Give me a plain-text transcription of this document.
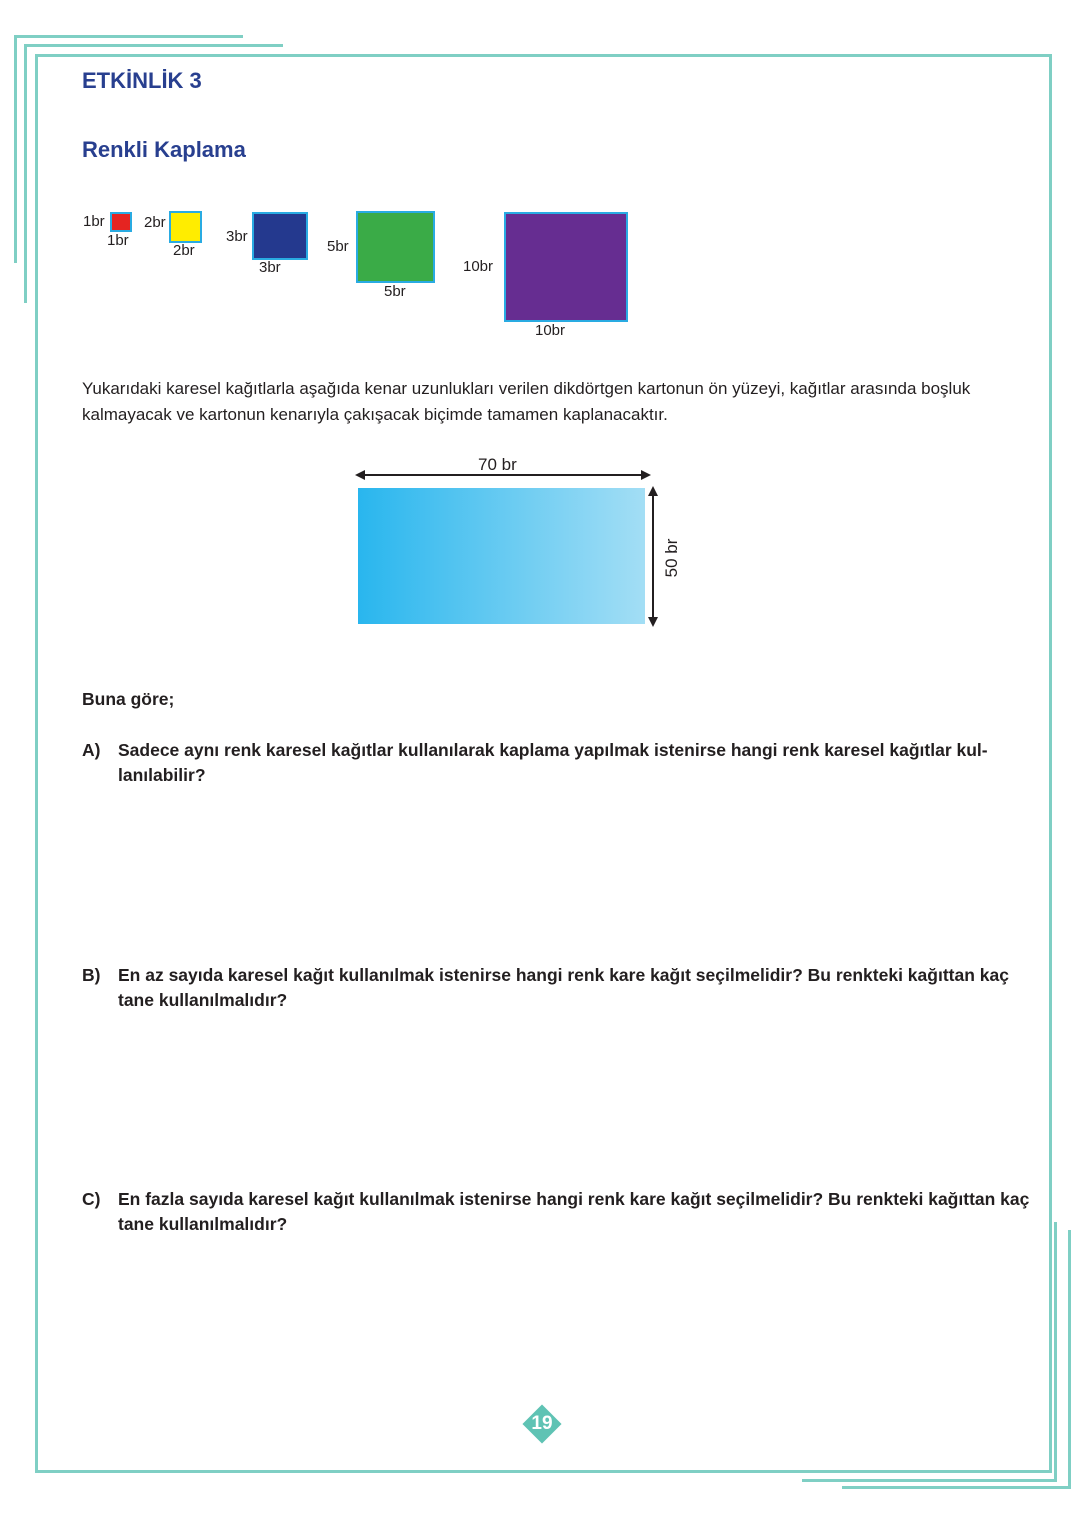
ETKİNLİK 3
Renkli Kaplama
1br
1br
2br
2br
3br
3br
5br
5br
10br
10br
Yukarıdaki karesel kağıtlarla aşağıda kenar uzunlukları verilen dikdörtgen kartonun ön yüzeyi, kağıtlar arasında boşluk kalmayacak ve kartonun kenarıyla çakışacak biçimde tamamen kaplanacaktır.
70 br
50 br
Buna göre;
A) Sadece aynı renk karesel kağıtlar kullanılarak kaplama yapılmak istenirse hangi renk karesel kağıtlar kul-lanılabilir?
B) En az sayıda karesel kağıt kullanılmak istenirse hangi renk kare kağıt seçilmelidir? Bu renkteki kağıttan kaç tane kullanılmalıdır?
C) En fazla sayıda karesel kağıt kullanılmak istenirse hangi renk kare kağıt seçilmelidir? Bu renkteki kağıttan kaç tane kullanılmalıdır?
19
